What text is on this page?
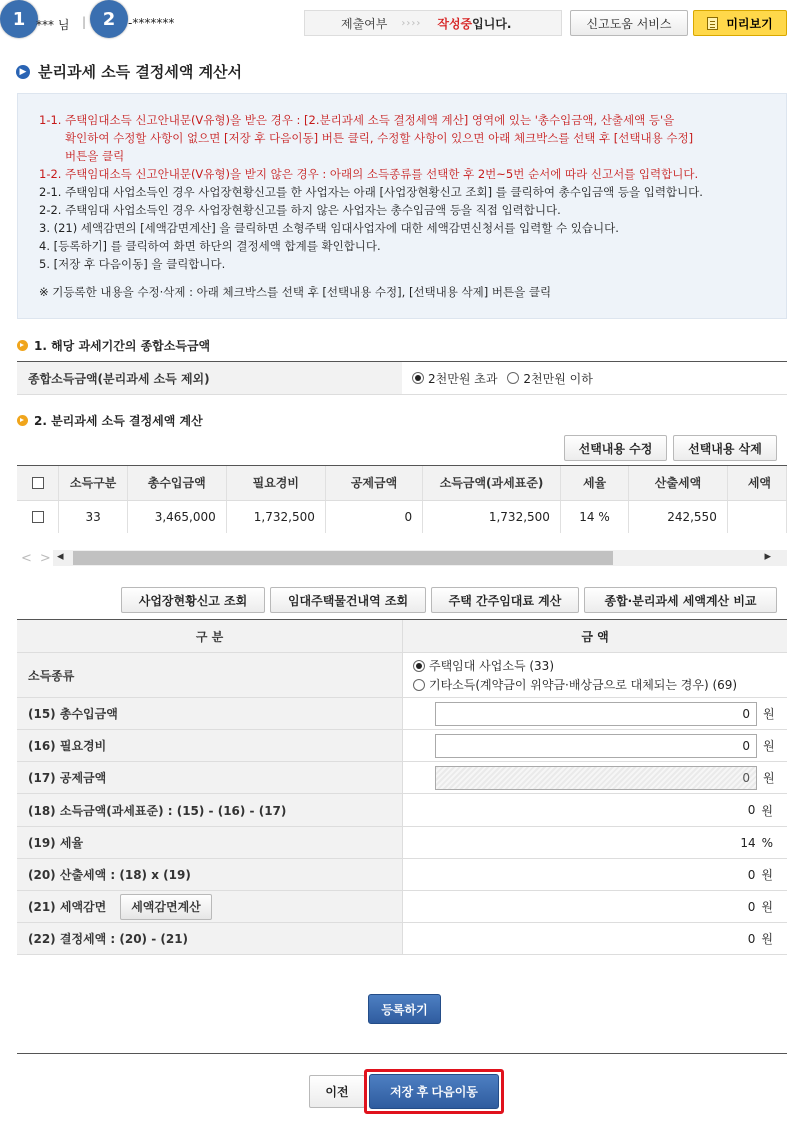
1 *** 님 | 2	-*******	제출여부 ›››› 작성중입니다.	신고도움 서비스	미리보기
▶ 분리과세 소득 결정세액 계산서
1-1. 주택임대소득 신고안내문(V유형)을 받은 경우 : [2.분리과세 소득 결정세액 계산] 영역에 있는 '총수입금액, 산출세액 등'을
확인하여 수정할 사항이 없으면 [저장 후 다음이동] 버튼 클릭, 수정할 사항이 있으면 아래 체크박스를 선택 후 [선택내용 수정]
버튼을 클릭
1-2. 주택임대소득 신고안내문(V유형)을 받지 않은 경우 : 아래의 소득종류를 선택한 후 2번~5번 순서에 따라 신고서를 입력합니다.
2-1. 주택임대 사업소득인 경우 사업장현황신고를 한 사업자는 아래 [사업장현황신고 조회] 를 클릭하여 총수입금액 등을 입력합니다.
2-2. 주택임대 사업소득인 경우 사업장현황신고를 하지 않은 사업자는 총수입금액 등을 직접 입력합니다.
3. (21) 세액감면의 [세액감면계산] 을 클릭하면 소형주택 임대사업자에 대한 세액감면신청서를 입력할 수 있습니다.
4. [등록하기] 를 클릭하여 화면 하단의 결정세액 합계를 확인합니다.
5. [저장 후 다음이동] 을 클릭합니다.
※ 기등록한 내용을 수정·삭제 : 아래 체크박스를 선택 후 [선택내용 수정], [선택내용 삭제] 버튼을 클릭
1. 해당 과세기간의 종합소득금액
종합소득금액(분리과세 소득 제외)	2천만원 초과 2천만원 이하
2. 분리과세 소득 결정세액 계산
선택내용 수정	선택내용 삭제
	소득구분	총수입금액	필요경비	공제금액	소득금액(과세표준)	세율	산출세액	세액
	33	3,465,000	1,732,500	0	1,732,500	14 %	242,550	
< > ◂	▸
사업장현황신고 조회	임대주택물건내역 조회	주택 간주임대료 계산	종합·분리과세 세액계산 비교
구 분	금 액
소득종류
주택임대 사업소득 (33)
기타소득(계약금이 위약금·배상금으로 대체되는 경우) (69)
(15) 총수입금액	0	원
(16) 필요경비	0	원
(17) 공제금액	0	원
(18) 소득금액(과세표준) : (15) - (16) - (17)	0 원
(19) 세율	14 %
(20) 산출세액 : (18) x (19)	0 원
(21) 세액감면	세액감면계산	0 원
(22) 결정세액 : (20) - (21)	0 원
등록하기
이전	저장 후 다음이동
